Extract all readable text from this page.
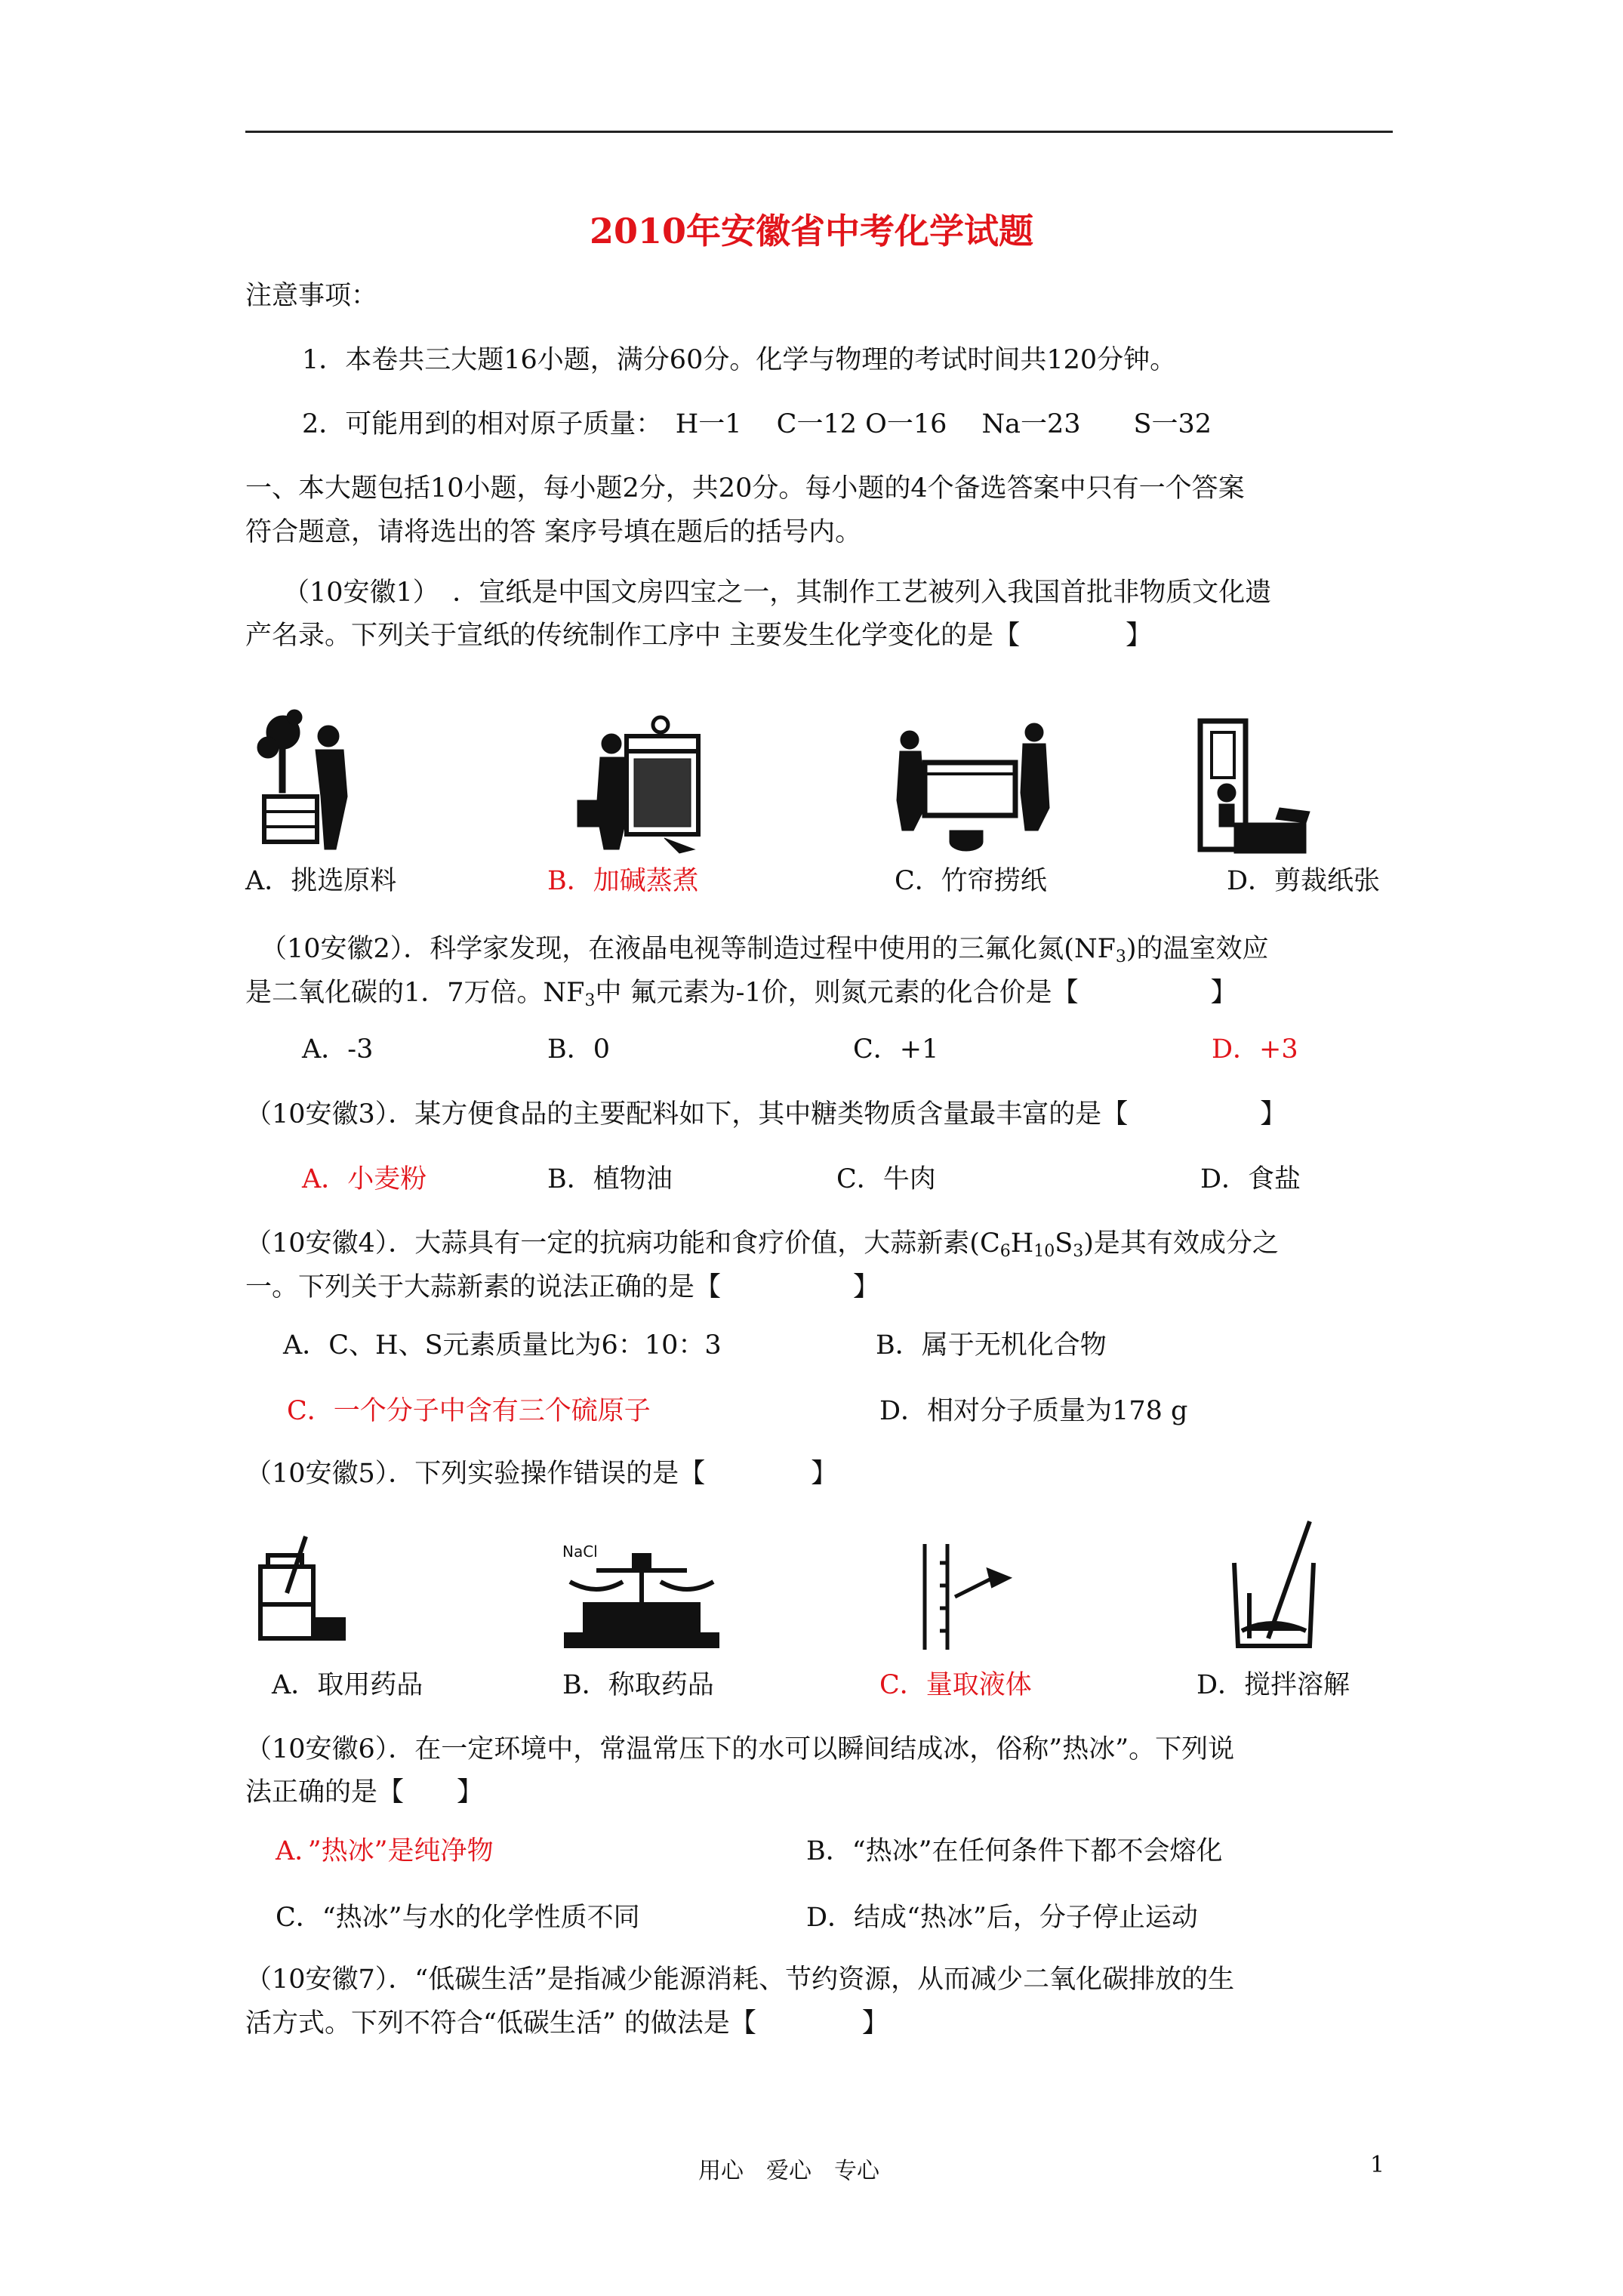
2010年安徽省中考化学试题
注意事项：
1．本卷共三大题16小题，满分60分。化学与物理的考试时间共120分钟。
2．可能用到的相对原子质量：　H一1　 C一12 O一16　 Na一23　　S一32
一、本大题包括10小题，每小题2分，共20分。每小题的4个备选答案中只有一个答案
符合题意，请将选出的答 案序号填在题后的括号内。
（10安徽1）　．宣纸是中国文房四宝之一，其制作工艺被列入我国首批非物质文化遗
产名录。下列关于宣纸的传统制作工序中 主要发生化学变化的是【　　　　】
A．挑选原料	B．加碱蒸煮	C．竹帘捞纸	D．剪裁纸张
（10安徽2）．科学家发现，在液晶电视等制造过程中使用的三氟化氮$(NF_3)$的温室效应
是二氧化碳的1．7万倍。$NF_3$中 氟元素为-1价，则氮元素的化合价是【　　　　　】
A．-3	B．0	C．+1	D．+3
（10安徽3）．某方便食品的主要配料如下，其中糖类物质含量最丰富的是【　　　　　】
A．小麦粉	B．植物油	C．牛肉	D．食盐
（10安徽4）．大蒜具有一定的抗病功能和食疗价值，大蒜新素$(C_6H_{10}S_3)$是其有效成分之
一。下列关于大蒜新素的说法正确的是【　　　　　】
A．C、H、S元素质量比为6：10：3	B．属于无机化合物
C．一个分子中含有三个硫原子	D．相对分子质量为178 g
（10安徽5）．下列实验操作错误的是【　　　　】
NaCl
A．取用药品	B．称取药品	C．量取液体	D．搅拌溶解
（10安徽6）．在一定环境中，常温常压下的水可以瞬间结成冰，俗称”热冰”。下列说
法正确的是【　　】
A．”热冰”是纯净物	B．“热冰”在任何条件下都不会熔化
C．“热冰”与水的化学性质不同	D．结成“热冰”后，分子停止运动
（10安徽7）．“低碳生活”是指减少能源消耗、节约资源，从而减少二氧化碳排放的生
活方式。下列不符合“低碳生活” 的做法是【　　　　】
用心　爱心　专心	1
